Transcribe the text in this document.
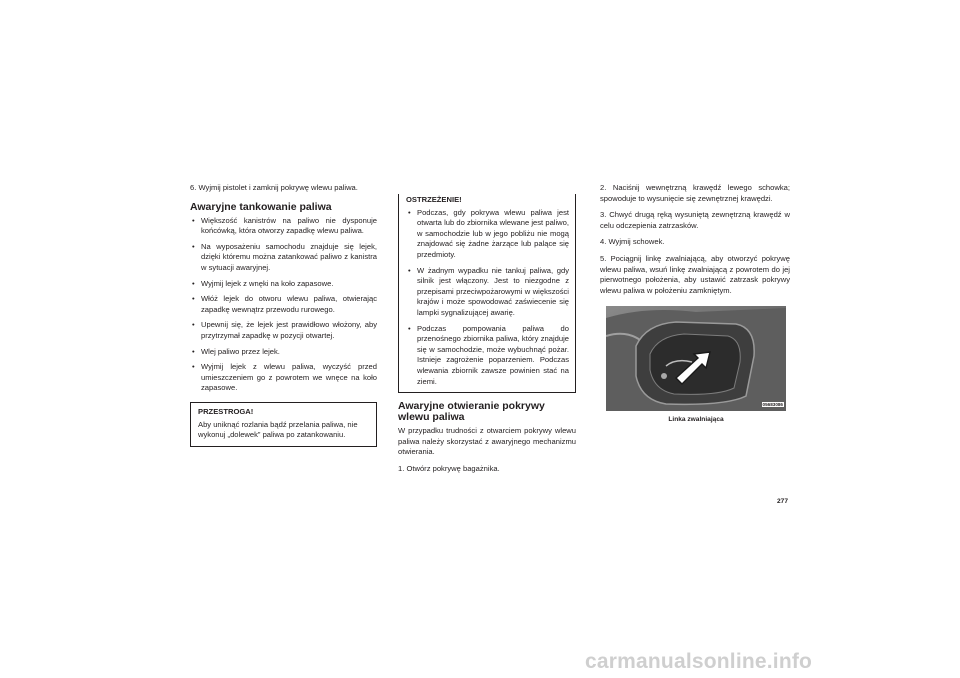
6. Wyjmij pistolet i zamknij pokrywę wlewu paliwa.

Awaryjne tankowanie paliwa
• Większość kanistrów na paliwo nie dysponuje końcówką, która otworzy zapadkę wlewu paliwa.
• Na wyposażeniu samochodu znajduje się lejek, dzięki któremu można zatankować paliwo z kanistra w sytuacji awaryjnej.
• Wyjmij lejek z wnęki na koło zapasowe.
• Włóż lejek do otworu wlewu paliwa, otwierając zapadkę wewnątrz przewodu rurowego.
• Upewnij się, że lejek jest prawidłowo włożony, aby przytrzymał zapadkę w pozycji otwartej.
• Wlej paliwo przez lejek.
• Wyjmij lejek z wlewu paliwa, wyczyść przed umieszczeniem go z powrotem we wnęce na koło zapasowe.
PRZESTROGA!
Aby uniknąć rozlania bądź przelania paliwa, nie wykonuj „dolewek” paliwa po zatankowaniu.
OSTRZEŻENIE!
• Podczas, gdy pokrywa wlewu paliwa jest otwarta lub do zbiornika wlewane jest paliwo, w samochodzie lub w jego pobliżu nie mogą znajdować się żadne żarzące lub palące się przedmioty.
• W żadnym wypadku nie tankuj paliwa, gdy silnik jest włączony. Jest to niezgodne z przepisami przeciwpożarowymi w większości krajów i może spowodować zaświecenie się lampki sygnalizującej awarię.
• Podczas pompowania paliwa do przenośnego zbiornika paliwa, który znajduje się w samochodzie, może wybuchnąć pożar. Istnieje zagrożenie poparzeniem. Podczas wlewania zbiornik zawsze powinien stać na ziemi.
Awaryjne otwieranie pokrywy wlewu paliwa

W przypadku trudności z otwarciem pokrywy wlewu paliwa należy skorzystać z awaryjnego mechanizmu otwierania.

1. Otwórz pokrywę bagażnika.

2. Naciśnij wewnętrzną krawędź lewego schowka; spowoduje to wysunięcie się zewnętrznej krawędzi.

3. Chwyć drugą ręką wysuniętą zewnętrzną krawędź w celu odczepienia zatrzasków.

4. Wyjmij schowek.

5. Pociągnij linkę zwalniającą, aby otworzyć pokrywę wlewu paliwa, wsuń linkę zwalniającą z powrotem do jej pierwotnego położenia, aby ustawić zatrzask pokrywy wlewu paliwa w położeniu zamkniętym.

05683086
Linka zwalniająca
277
carmanualsonline.info
